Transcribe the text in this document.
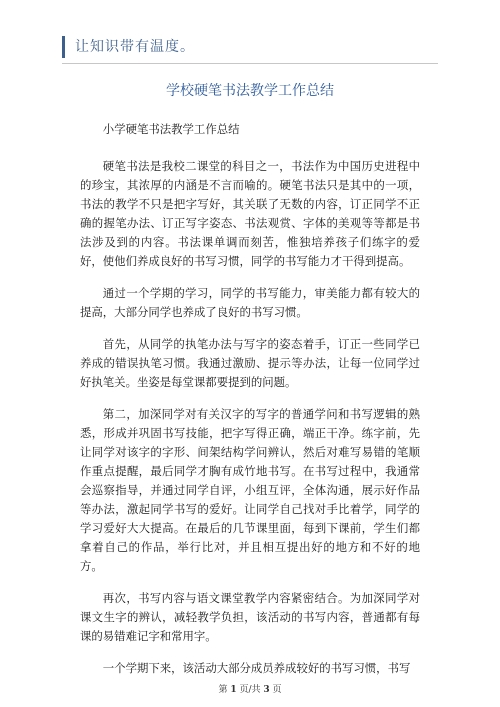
让知识带有温度。
学校硬笔书法教学工作总结

小学硬笔书法教学工作总结

硬笔书法是我校二课堂的科目之一，书法作为中国历史进程中的珍宝，其浓厚的内涵是不言而喻的。硬笔书法只是其中的一项，书法的教学不只是把字写好，其关联了无数的内容，订正同学不正确的握笔办法、订正写字姿态、书法观赏、字体的美观等等都是书法涉及到的内容。书法课单调而刻苦，惟独培养孩子们练字的爱好，使他们养成良好的书写习惯，同学的书写能力才干得到提高。

通过一个学期的学习，同学的书写能力，审美能力都有较大的提高，大部分同学也养成了良好的书写习惯。

首先，从同学的执笔办法与写字的姿态着手，订正一些同学已养成的错误执笔习惯。我通过激励、提示等办法，让每一位同学过好执笔关。坐姿是每堂课都要提到的问题。

第二，加深同学对有关汉字的写字的普通学问和书写逻辑的熟悉，形成并巩固书写技能，把字写得正确，端正干净。练字前，先让同学对该字的字形、间架结构学问辨认，然后对难写易错的笔顺作重点提醒，最后同学才胸有成竹地书写。在书写过程中，我通常会巡察指导，并通过同学自评，小组互评，全体沟通，展示好作品等办法，激起同学书写的爱好。让同学自己找对手比着学，同学的学习爱好大大提高。在最后的几节课里面，每到下课前，学生们都拿着自己的作品，举行比对，并且相互提出好的地方和不好的地方。

再次，书写内容与语文课堂教学内容紧密结合。为加深同学对课文生字的辨认，减轻教学负担，该活动的书写内容，普通都有每课的易错难记字和常用字。

一个学期下来，该活动大部分成员养成较好的书写习惯，书写

第 1 页/共 3 页
